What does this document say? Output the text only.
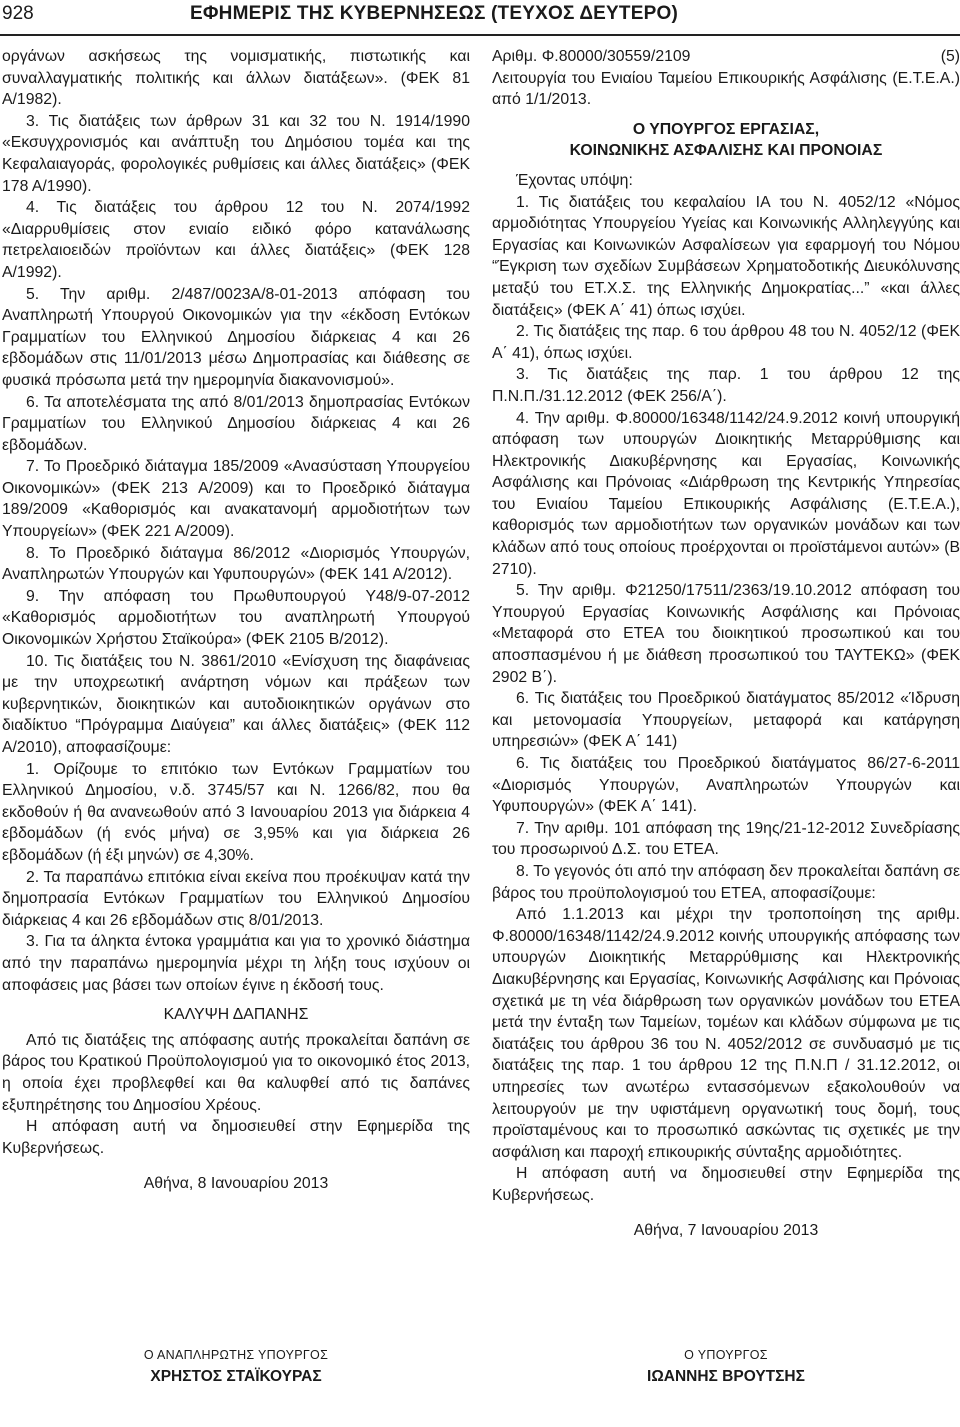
928	ΕΦΗΜΕΡΙΣ ΤΗΣ ΚΥΒΕΡΝΗΣΕΩΣ (ΤΕΥΧΟΣ ΔΕΥΤΕΡΟ)

οργάνων ασκήσεως της νομισματικής, πιστωτικής και συναλλαγματικής πολιτικής και άλλων διατάξεων». (ΦΕΚ 81 Α/1982).

3. Τις διατάξεις των άρθρων 31 και 32 του Ν. 1914/1990 «Εκσυγχρονισμός και ανάπτυξη του Δημόσιου τομέα και της Κεφαλαιαγοράς, φορολογικές ρυθμίσεις και άλλες διατάξεις» (ΦΕΚ 178 Α/1990).

4. Τις διατάξεις του άρθρου 12 του Ν. 2074/1992 «Διαρρυθμίσεις στον ενιαίο ειδικό φόρο κατανάλωσης πετρελαιοειδών προϊόντων και άλλες διατάξεις» (ΦΕΚ 128 Α/1992).

5. Την αριθμ. 2/487/0023Α/8-01-2013 απόφαση του Αναπληρωτή Υπουργού Οικονομικών για την «έκδοση Εντόκων Γραμματίων του Ελληνικού Δημοσίου διάρκειας 4 και 26 εβδομάδων στις 11/01/2013 μέσω Δημοπρασίας και διάθεσης σε φυσικά πρόσωπα μετά την ημερομηνία διακανονισμού».

6. Τα αποτελέσματα της από 8/01/2013 δημοπρασίας Εντόκων Γραμματίων του Ελληνικού Δημοσίου διάρκειας 4 και 26 εβδομάδων.

7. Το Προεδρικό διάταγμα 185/2009 «Ανασύσταση Υπουργείου Οικονομικών» (ΦΕΚ 213 Α/2009) και το Προεδρικό διάταγμα 189/2009 «Καθορισμός και ανακατανομή αρμοδιοτήτων των Υπουργείων» (ΦΕΚ 221 Α/2009).

8. Το Προεδρικό διάταγμα 86/2012 «Διορισμός Υπουργών, Αναπληρωτών Υπουργών και Υφυπουργών» (ΦΕΚ 141 Α/2012).

9. Την απόφαση του Πρωθυπουργού Υ48/9-07-2012 «Καθορισμός αρμοδιοτήτων του αναπληρωτή Υπουργού Οικονομικών Χρήστου Σταϊκούρα» (ΦΕΚ 2105 Β/2012).

10. Τις διατάξεις του Ν. 3861/2010 «Ενίσχυση της διαφάνειας με την υποχρεωτική ανάρτηση νόμων και πράξεων των κυβερνητικών, διοικητικών και αυτοδιοικητικών οργάνων στο διαδίκτυο “Πρόγραμμα Διαύγεια” και άλλες διατάξεις» (ΦΕΚ 112 Α/2010), αποφασίζουμε:

1. Ορίζουμε το επιτόκιο των Εντόκων Γραμματίων του Ελληνικού Δημοσίου, ν.δ. 3745/57 και Ν. 1266/82, που θα εκδοθούν ή θα ανανεωθούν από 3 Ιανουαρίου 2013 για διάρκεια 4 εβδομάδων (ή ενός μήνα) σε 3,95% και για διάρκεια 26 εβδομάδων (ή έξι μηνών) σε 4,30%.

2. Τα παραπάνω επιτόκια είναι εκείνα που προέκυψαν κατά την δημοπρασία Εντόκων Γραμματίων του Ελληνικού Δημοσίου διάρκειας 4 και 26 εβδομάδων στις 8/01/2013.

3. Για τα άληκτα έντοκα γραμμάτια και για το χρονικό διάστημα από την παραπάνω ημερομηνία μέχρι τη λήξη τους ισχύουν οι αποφάσεις μας βάσει των οποίων έγινε η έκδοσή τους.

ΚΑΛΥΨΗ ΔΑΠΑΝΗΣ

Από τις διατάξεις της απόφασης αυτής προκαλείται δαπάνη σε βάρος του Κρατικού Προϋπολογισμού για το οικονομικό έτος 2013, η οποία έχει προβλεφθεί και θα καλυφθεί από τις δαπάνες εξυπηρέτησης του Δημοσίου Χρέους.

Η απόφαση αυτή να δημοσιευθεί στην Εφημερίδα της Κυβερνήσεως.

Αθήνα, 8 Ιανουαρίου 2013
Ο ΑΝΑΠΛΗΡΩΤΗΣ ΥΠΟΥΡΓΟΣ
ΧΡΗΣΤΟΣ ΣΤΑΪΚΟΥΡΑΣ
Αριθμ. Φ.80000/30559/2109	(5)

Λειτουργία του Ενιαίου Ταμείου Επικουρικής Ασφάλισης (Ε.Τ.Ε.Α.) από 1/1/2013.

Ο ΥΠΟΥΡΓΟΣ ΕΡΓΑΣΙΑΣ,
ΚΟΙΝΩΝΙΚΗΣ ΑΣΦΑΛΙΣΗΣ ΚΑΙ ΠΡΟΝΟΙΑΣ

Έχοντας υπόψη:

1. Τις διατάξεις του κεφαλαίου ΙΑ του Ν. 4052/12 «Νόμος αρμοδιότητας Υπουργείου Υγείας και Κοινωνικής Αλληλεγγύης και Εργασίας και Κοινωνικών Ασφαλίσεων για εφαρμογή του Νόμου “Έγκριση των σχεδίων Συμβάσεων Χρηματοδοτικής Διευκόλυνσης μεταξύ του ΕΤ.Χ.Σ. της Ελληνικής Δημοκρατίας...” «και άλλες διατάξεις» (ΦΕΚ Α΄ 41) όπως ισχύει.

2. Τις διατάξεις της παρ. 6 του άρθρου 48 του Ν. 4052/12 (ΦΕΚ Α΄ 41), όπως ισχύει.

3. Τις διατάξεις της παρ. 1 του άρθρου 12 της Π.Ν.Π./31.12.2012 (ΦΕΚ 256/Α΄).

4. Την αριθμ. Φ.80000/16348/1142/24.9.2012 κοινή υπουργική απόφαση των υπουργών Διοικητικής Μεταρρύθμισης και Ηλεκτρονικής Διακυβέρνησης και Εργασίας, Κοινωνικής Ασφάλισης και Πρόνοιας «Διάρθρωση της Κεντρικής Υπηρεσίας του Ενιαίου Ταμείου Επικουρικής Ασφάλισης (Ε.Τ.Ε.Α.), καθορισμός των αρμοδιοτήτων των οργανικών μονάδων και των κλάδων από τους οποίους προέρχονται οι προϊστάμενοι αυτών» (Β 2710).

5. Την αριθμ. Φ21250/17511/2363/19.10.2012 απόφαση του Υπουργού Εργασίας Κοινωνικής Ασφάλισης και Πρόνοιας «Μεταφορά στο ΕΤΕΑ του διοικητικού προσωπικού και του αποσπασμένου ή με διάθεση προσωπικού του ΤΑΥΤΕΚΩ» (ΦΕΚ 2902 Β΄).

6. Τις διατάξεις του Προεδρικού διατάγματος 85/2012 «Ίδρυση και μετονομασία Υπουργείων, μεταφορά και κατάργηση υπηρεσιών» (ΦΕΚ Α΄ 141)

6. Τις διατάξεις του Προεδρικού διατάγματος 86/27-6-2011 «Διορισμός Υπουργών, Αναπληρωτών Υπουργών και Υφυπουργών» (ΦΕΚ Α΄ 141).

7. Την αριθμ. 101 απόφαση της 19ης/21-12-2012 Συνεδρίασης του προσωρινού Δ.Σ. του ΕΤΕΑ.

8. Το γεγονός ότι από την απόφαση δεν προκαλείται δαπάνη σε βάρος του προϋπολογισμού του ΕΤΕΑ, αποφασίζουμε:

Από 1.1.2013 και μέχρι την τροποποίηση της αριθμ. Φ.80000/16348/1142/24.9.2012 κοινής υπουργικής απόφασης των υπουργών Διοικητικής Μεταρρύθμισης και Ηλεκτρονικής Διακυβέρνησης και Εργασίας, Κοινωνικής Ασφάλισης και Πρόνοιας σχετικά με τη νέα διάρθρωση των οργανικών μονάδων του ΕΤΕΑ μετά την ένταξη των Ταμείων, τομέων και κλάδων σύμφωνα με τις διατάξεις του άρθρου 36 του Ν. 4052/2012 σε συνδυασμό με τις διατάξεις της παρ. 1 του άρθρου 12 της Π.Ν.Π / 31.12.2012, οι υπηρεσίες των ανωτέρω εντασσόμενων εξακολουθούν να λειτουργούν με την υφιστάμενη οργανωτική τους δομή, τους προϊσταμένους και το προσωπικό ασκώντας τις σχετικές με την ασφάλιση και παροχή επικουρικής σύνταξης αρμοδιότητες.

Η απόφαση αυτή να δημοσιευθεί στην Εφημερίδα της Κυβερνήσεως.

Αθήνα, 7 Ιανουαρίου 2013
Ο ΥΠΟΥΡΓΟΣ
ΙΩΑΝΝΗΣ ΒΡΟΥΤΣΗΣ
